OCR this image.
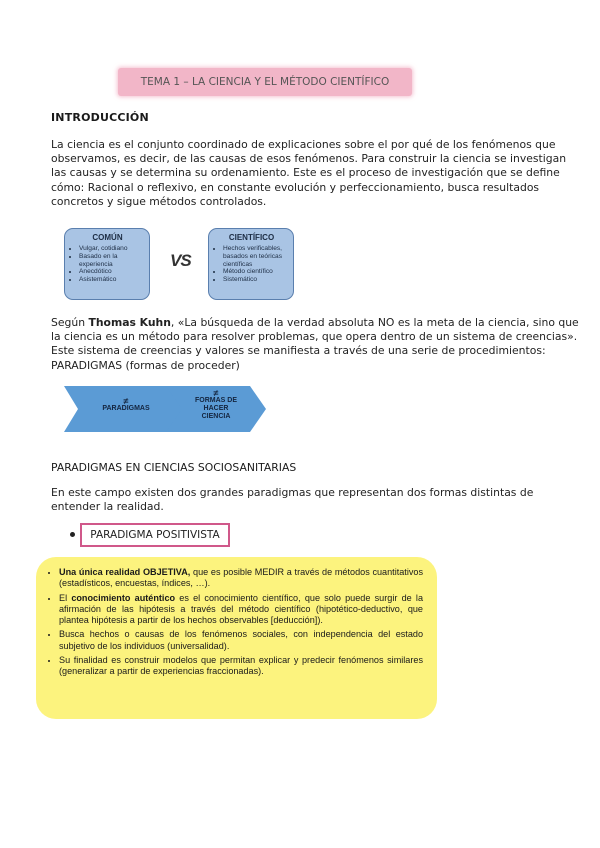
TEMA 1 – LA CIENCIA Y EL MÉTODO CIENTÍFICO
INTRODUCCIÓN
La ciencia es el conjunto coordinado de explicaciones sobre el por qué de los fenómenos que observamos, es decir, de las causas de esos fenómenos. Para construir la ciencia se investigan las causas y se determina su ordenamiento. Este es el proceso de investigación que se define cómo: Racional o reflexivo, en constante evolución y perfeccionamiento, busca resultados concretos y sigue métodos controlados.
COMÚN
• Vulgar, cotidiano
• Basado en la experiencia
• Anecdótico
• Asistemático
VS
CIENTÍFICO
• Hechos verificables, basados en teóricas científicas
• Método científico
• Sistemático
Según Thomas Kuhn, «La búsqueda de la verdad absoluta NO es la meta de la ciencia, sino que la ciencia es un método para resolver problemas, que opera dentro de un sistema de creencias». Este sistema de creencias y valores se manifiesta a través de una serie de procedimientos: PARADIGMAS (formas de proceder)
≠
PARADIGMAS
≠
FORMAS DE
HACER
CIENCIA
PARADIGMAS EN CIENCIAS SOCIOSANITARIAS
En este campo existen dos grandes paradigmas que representan dos formas distintas de entender la realidad.
PARADIGMA POSITIVISTA
• Una única realidad OBJETIVA, que es posible MEDIR a través de métodos cuantitativos (estadísticos, encuestas, índices, …).
• El conocimiento auténtico es el conocimiento científico, que solo puede surgir de la afirmación de las hipótesis a través del método científico (hipotético-deductivo, que plantea hipótesis a partir de los hechos observables [deducción]).
• Busca hechos o causas de los fenómenos sociales, con independencia del estado subjetivo de los individuos (universalidad).
• Su finalidad es construir modelos que permitan explicar y predecir fenómenos similares (generalizar a partir de experiencias fraccionadas).
